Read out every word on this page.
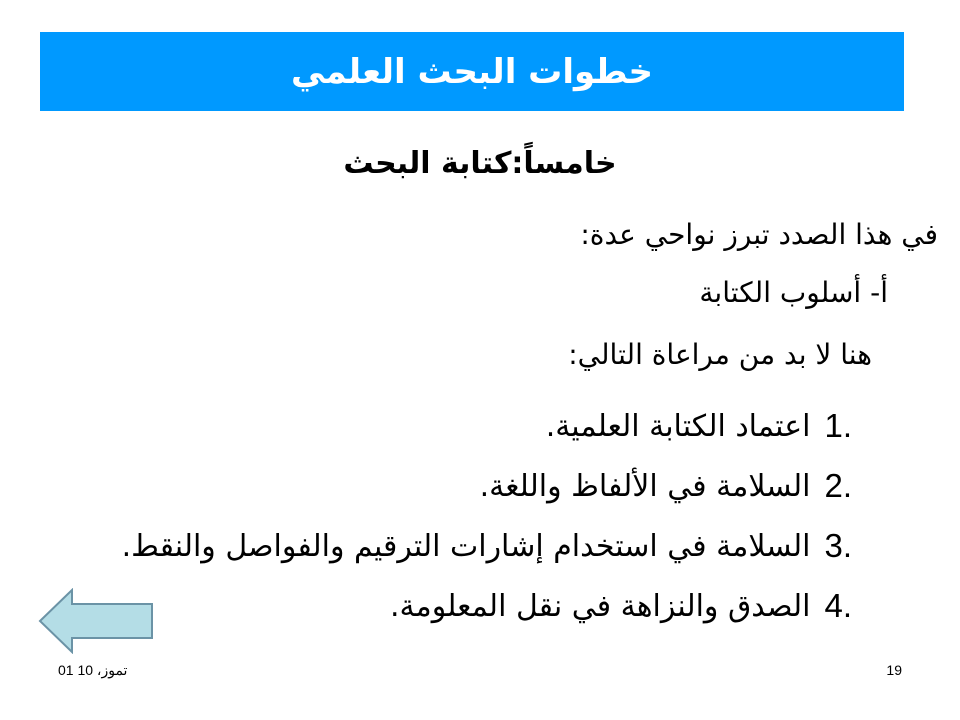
خطوات البحث العلمي
خامساً:كتابة البحث
في هذا الصدد تبرز نواحي عدة:
أ- أسلوب الكتابة
هنا لا بد من مراعاة التالي:
1.
اعتماد الكتابة العلمية.
2.
السلامة في الألفاظ واللغة.
3.
السلامة في استخدام إشارات الترقيم والفواصل والنقط.
4.
الصدق والنزاهة في نقل المعلومة.
01 تموز، 10	19
